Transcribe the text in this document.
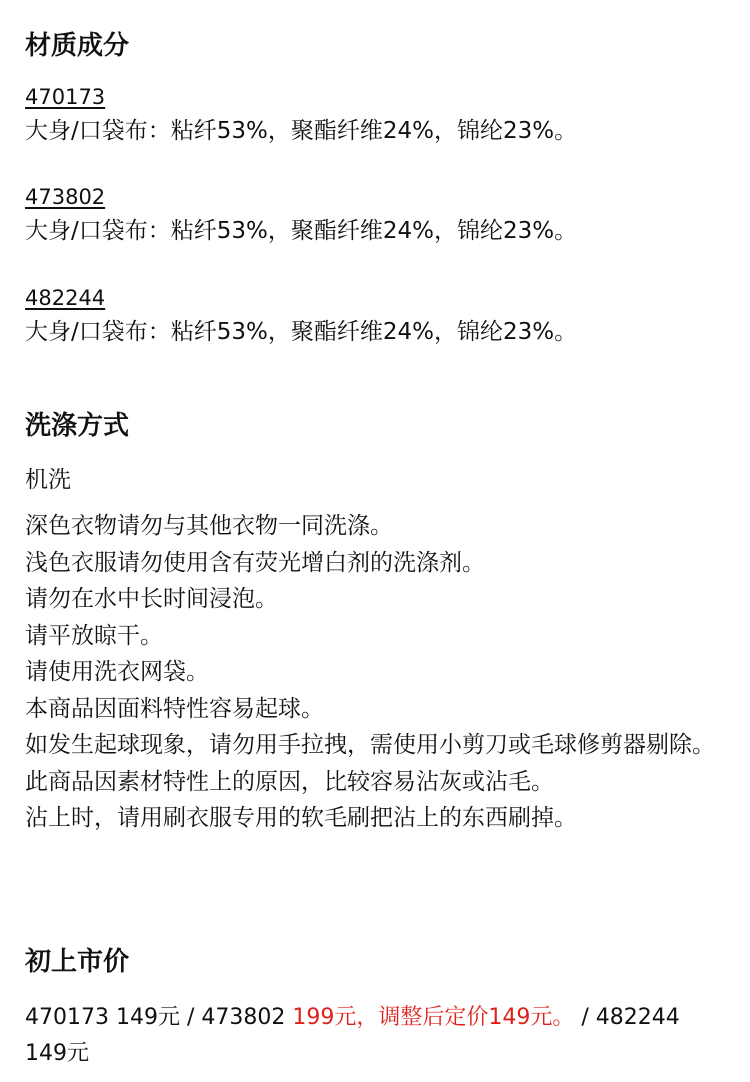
材质成分
470173
大身/口袋布：粘纤53%，聚酯纤维24%，锦纶23%。
473802
大身/口袋布：粘纤53%，聚酯纤维24%，锦纶23%。
482244
大身/口袋布：粘纤53%，聚酯纤维24%，锦纶23%。
洗涤方式
机洗
深色衣物请勿与其他衣物一同洗涤。
浅色衣服请勿使用含有荧光增白剂的洗涤剂。
请勿在水中长时间浸泡。
请平放晾干。
请使用洗衣网袋。
本商品因面料特性容易起球。
如发生起球现象，请勿用手拉拽，需使用小剪刀或毛球修剪器剔除。
此商品因素材特性上的原因，比较容易沾灰或沾毛。
沾上时，请用刷衣服专用的软毛刷把沾上的东西刷掉。
初上市价
470173 149元 / 473802 199元，调整后定价149元。 / 482244 149元
